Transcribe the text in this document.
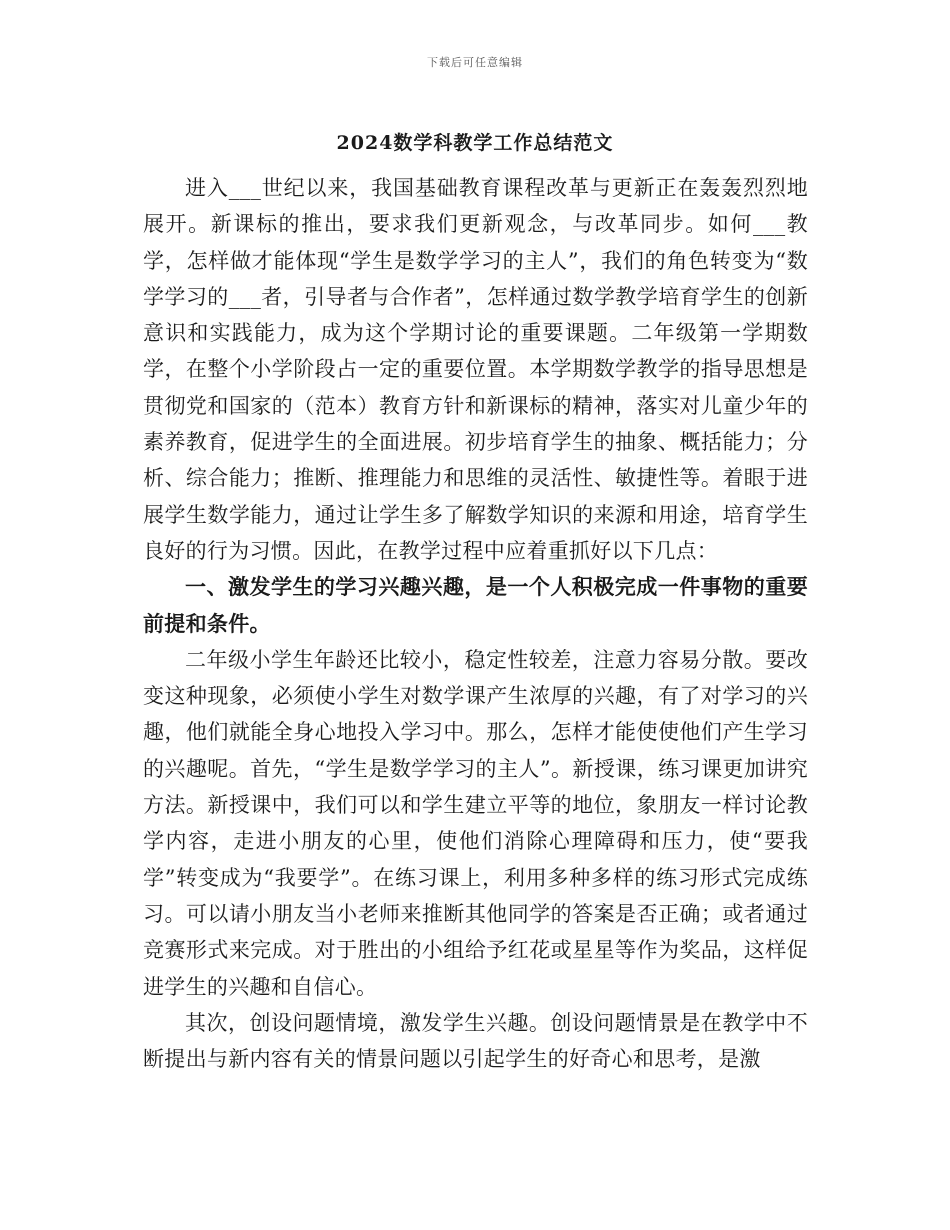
下载后可任意编辑
2024数学科教学工作总结范文

进入___世纪以来，我国基础教育课程改革与更新正在轰轰烈烈地展开。新课标的推出，要求我们更新观念，与改革同步。如何___教学，怎样做才能体现“学生是数学学习的主人”，我们的角色转变为“数学学习的___者，引导者与合作者”，怎样通过数学教学培育学生的创新意识和实践能力，成为这个学期讨论的重要课题。二年级第一学期数学，在整个小学阶段占一定的重要位置。本学期数学教学的指导思想是贯彻党和国家的（范本）教育方针和新课标的精神，落实对儿童少年的素养教育，促进学生的全面进展。初步培育学生的抽象、概括能力；分析、综合能力；推断、推理能力和思维的灵活性、敏捷性等。着眼于进展学生数学能力，通过让学生多了解数学知识的来源和用途，培育学生良好的行为习惯。因此，在教学过程中应着重抓好以下几点：

一、激发学生的学习兴趣兴趣，是一个人积极完成一件事物的重要前提和条件。

二年级小学生年龄还比较小，稳定性较差，注意力容易分散。要改变这种现象，必须使小学生对数学课产生浓厚的兴趣，有了对学习的兴趣，他们就能全身心地投入学习中。那么，怎样才能使使他们产生学习的兴趣呢。首先，“学生是数学学习的主人”。新授课，练习课更加讲究方法。新授课中，我们可以和学生建立平等的地位，象朋友一样讨论教学内容，走进小朋友的心里，使他们消除心理障碍和压力，使“要我学”转变成为“我要学”。在练习课上，利用多种多样的练习形式完成练习。可以请小朋友当小老师来推断其他同学的答案是否正确；或者通过竞赛形式来完成。对于胜出的小组给予红花或星星等作为奖品，这样促进学生的兴趣和自信心。

其次，创设问题情境，激发学生兴趣。创设问题情景是在教学中不断提出与新内容有关的情景问题以引起学生的好奇心和思考，是激
